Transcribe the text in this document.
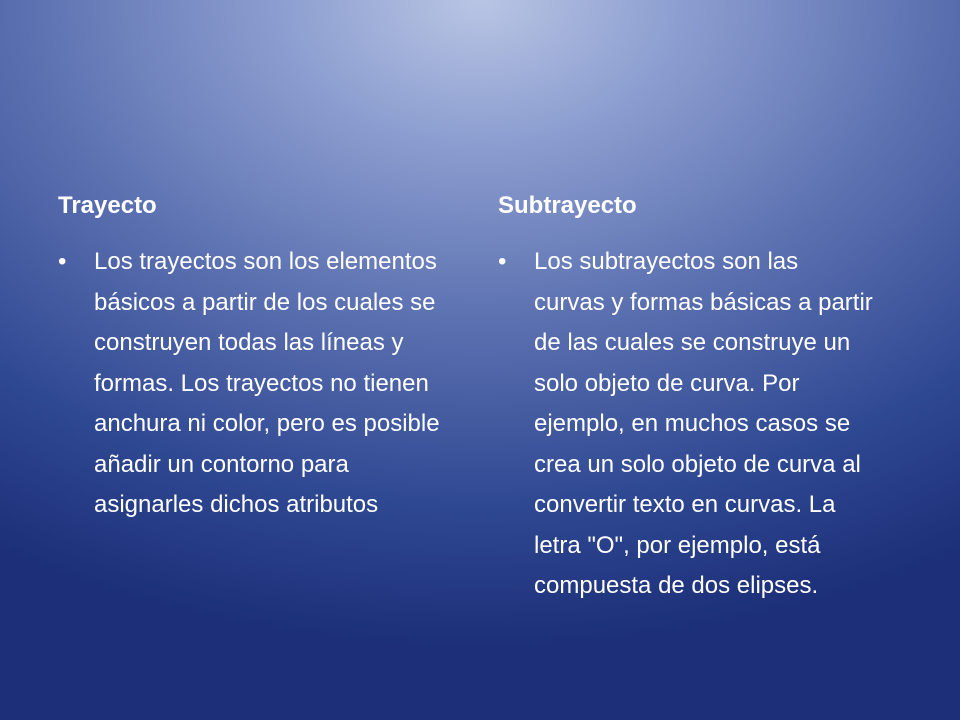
Trayecto
• Los trayectos son los elementos básicos a partir de los cuales se construyen todas las líneas y formas. Los trayectos no tienen anchura ni color, pero es posible añadir un contorno para asignarles dichos atributos
Subtrayecto
• Los subtrayectos son las curvas y formas básicas a partir de las cuales se construye un solo objeto de curva. Por ejemplo, en muchos casos se crea un solo objeto de curva al convertir texto en curvas. La letra "O", por ejemplo, está compuesta de dos elipses.
